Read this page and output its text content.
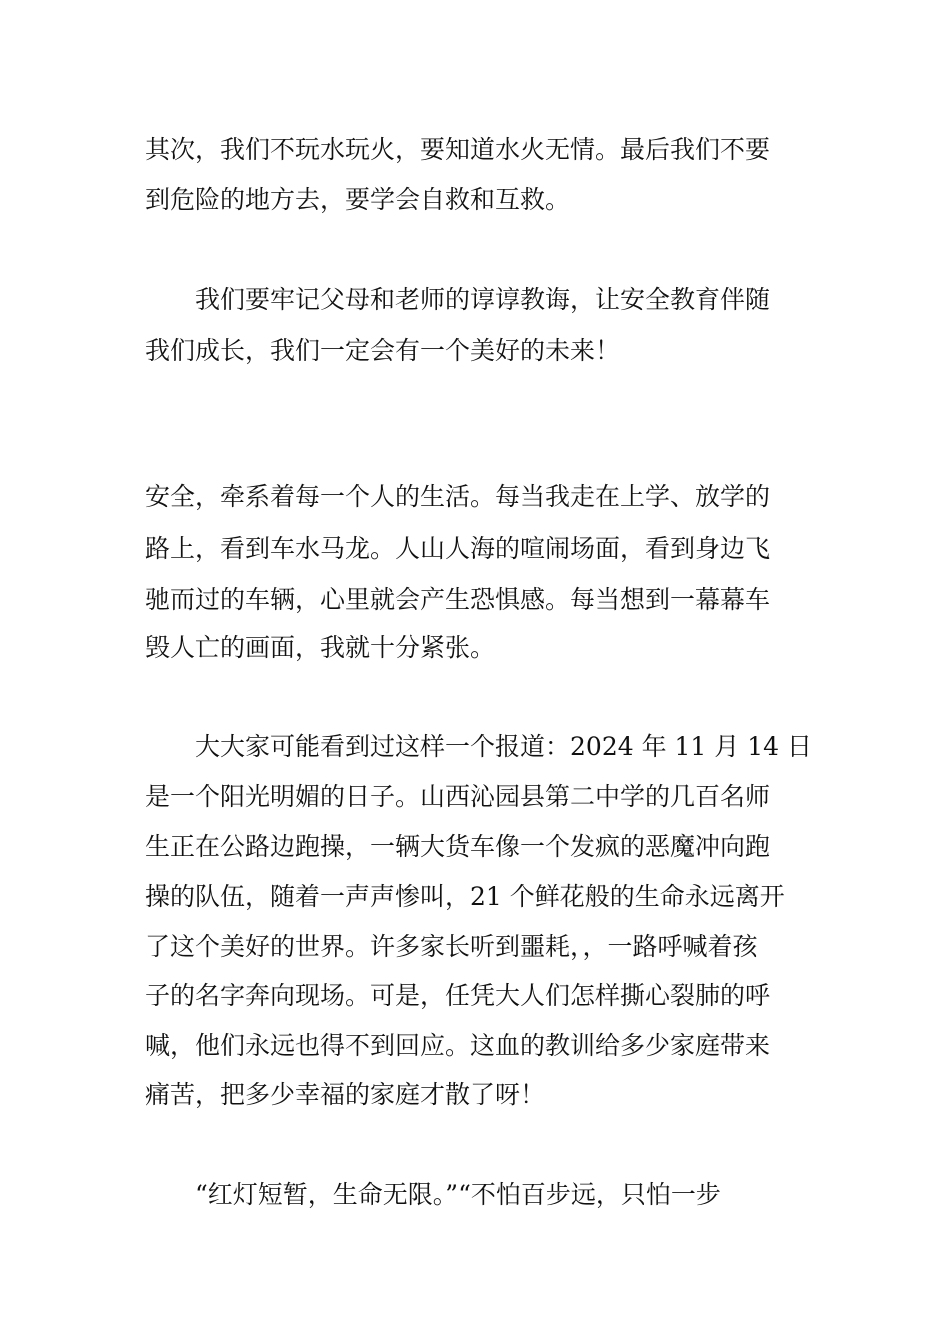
其次，我们不玩水玩火，要知道水火无情。最后我们不要

到危险的地方去，要学会自救和互救。

　　我们要牢记父母和老师的谆谆教诲，让安全教育伴随

我们成长，我们一定会有一个美好的未来！

安全，牵系着每一个人的生活。每当我走在上学、放学的

路上，看到车水马龙。人山人海的喧闹场面，看到身边飞

驰而过的车辆，心里就会产生恐惧感。每当想到一幕幕车

毁人亡的画面，我就十分紧张。

　　大大家可能看到过这样一个报道：2024 年 11 月 14 日

是一个阳光明媚的日子。山西沁园县第二中学的几百名师

生正在公路边跑操，一辆大货车像一个发疯的恶魔冲向跑

操的队伍，随着一声声惨叫，21 个鲜花般的生命永远离开

了这个美好的世界。许多家长听到噩耗，，一路呼喊着孩

子的名字奔向现场。可是，任凭大人们怎样撕心裂肺的呼

喊，他们永远也得不到回应。这血的教训给多少家庭带来

痛苦，把多少幸福的家庭才散了呀！

　　“红灯短暂，生命无限。”“不怕百步远，只怕一步
